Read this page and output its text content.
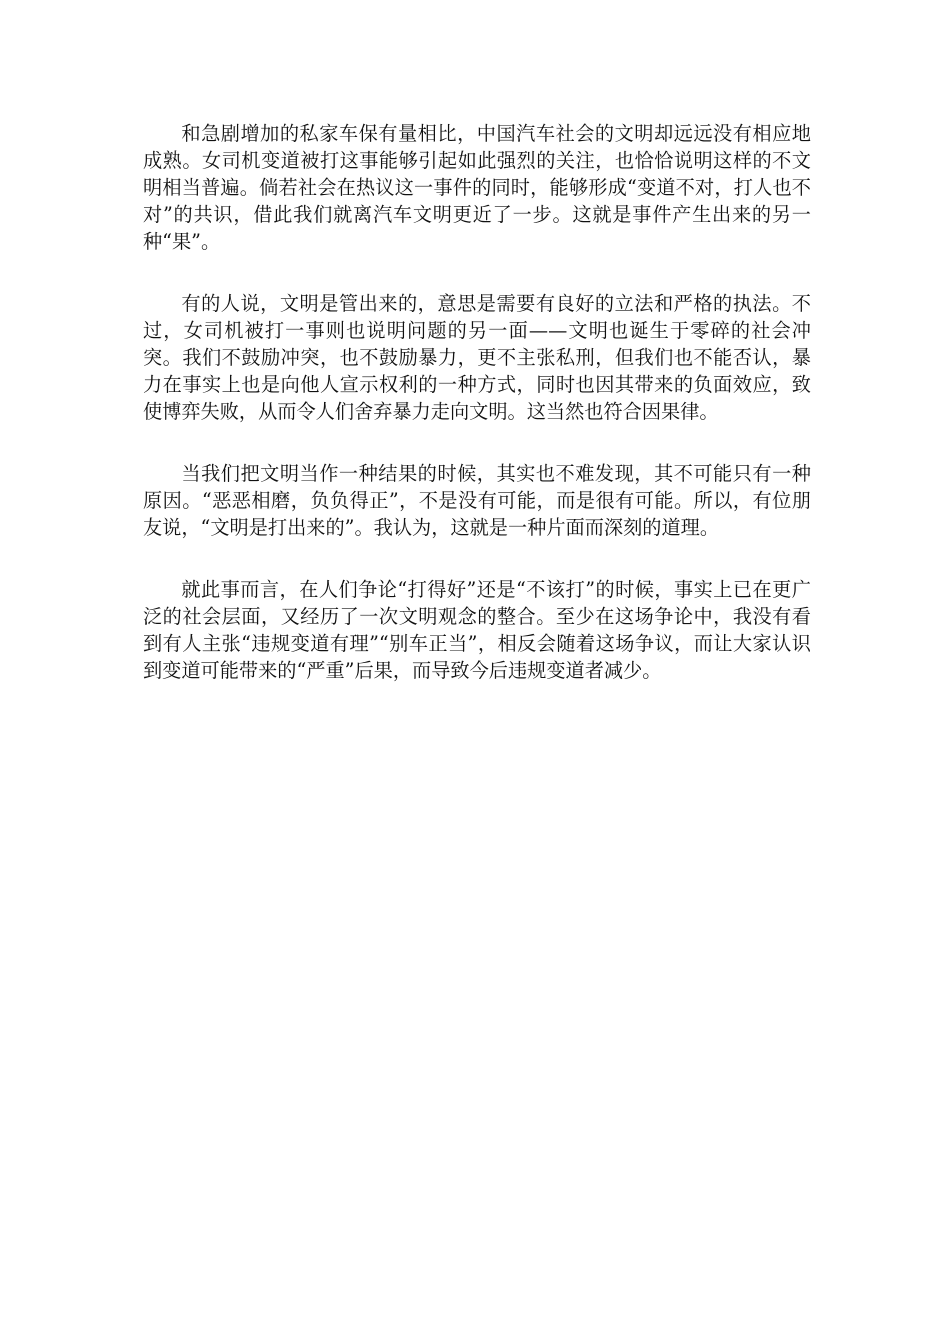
和急剧增加的私家车保有量相比，中国汽车社会的文明却远远没有相应地成熟。女司机变道被打这事能够引起如此强烈的关注，也恰恰说明这样的不文明相当普遍。倘若社会在热议这一事件的同时，能够形成“变道不对，打人也不对”的共识，借此我们就离汽车文明更近了一步。这就是事件产生出来的另一种“果”。

有的人说，文明是管出来的，意思是需要有良好的立法和严格的执法。不过，女司机被打一事则也说明问题的另一面——文明也诞生于零碎的社会冲突。我们不鼓励冲突，也不鼓励暴力，更不主张私刑，但我们也不能否认，暴力在事实上也是向他人宣示权利的一种方式，同时也因其带来的负面效应，致使博弈失败，从而令人们舍弃暴力走向文明。这当然也符合因果律。

当我们把文明当作一种结果的时候，其实也不难发现，其不可能只有一种原因。“恶恶相磨，负负得正”，不是没有可能，而是很有可能。所以，有位朋友说，“文明是打出来的”。我认为，这就是一种片面而深刻的道理。

就此事而言，在人们争论“打得好”还是“不该打”的时候，事实上已在更广泛的社会层面，又经历了一次文明观念的整合。至少在这场争论中，我没有看到有人主张“违规变道有理”“别车正当”，相反会随着这场争议，而让大家认识到变道可能带来的“严重”后果，而导致今后违规变道者减少。
